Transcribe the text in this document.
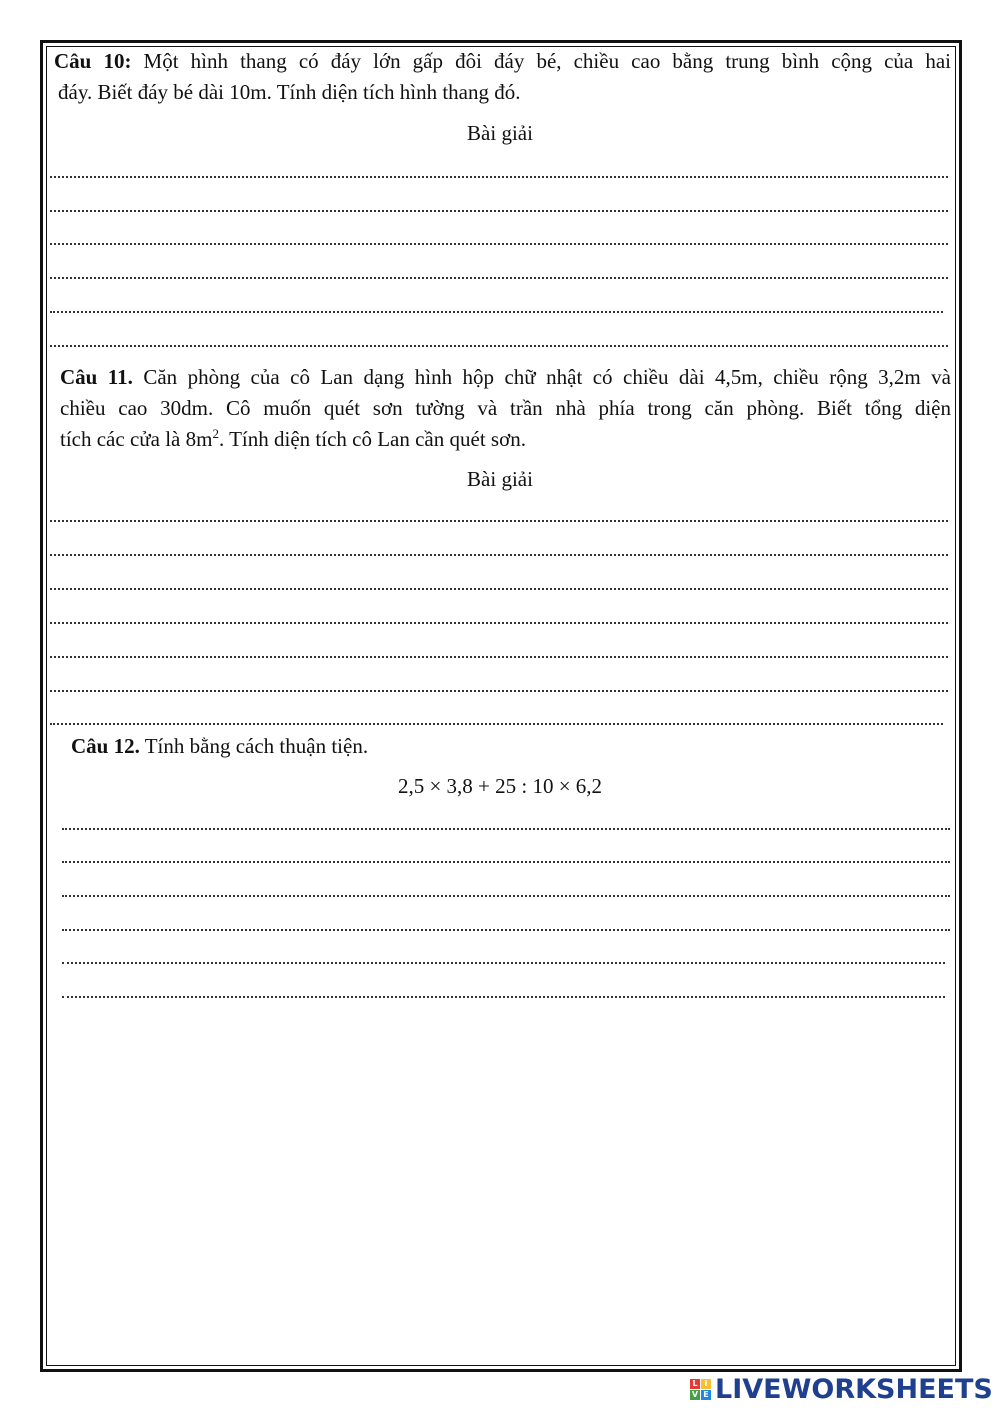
Câu 10: Một hình thang có đáy lớn gấp đôi đáy bé, chiều cao bằng trung bình cộng của hai
đáy. Biết đáy bé dài 10m. Tính diện tích hình thang đó.
Bài giải
Câu 11. Căn phòng của cô Lan dạng hình hộp chữ nhật có chiều dài 4,5m, chiều rộng 3,2m và
chiều cao 30dm. Cô muốn quét sơn tường và trần nhà phía trong căn phòng. Biết tổng diện
tích các cửa là $8m^2$. Tính diện tích cô Lan cần quét sơn.
Bài giải
Câu 12. Tính bằng cách thuận tiện.
2,5 × 3,8 + 25 : 10 × 6,2
L I
V E LIVEWORKSHEETS
